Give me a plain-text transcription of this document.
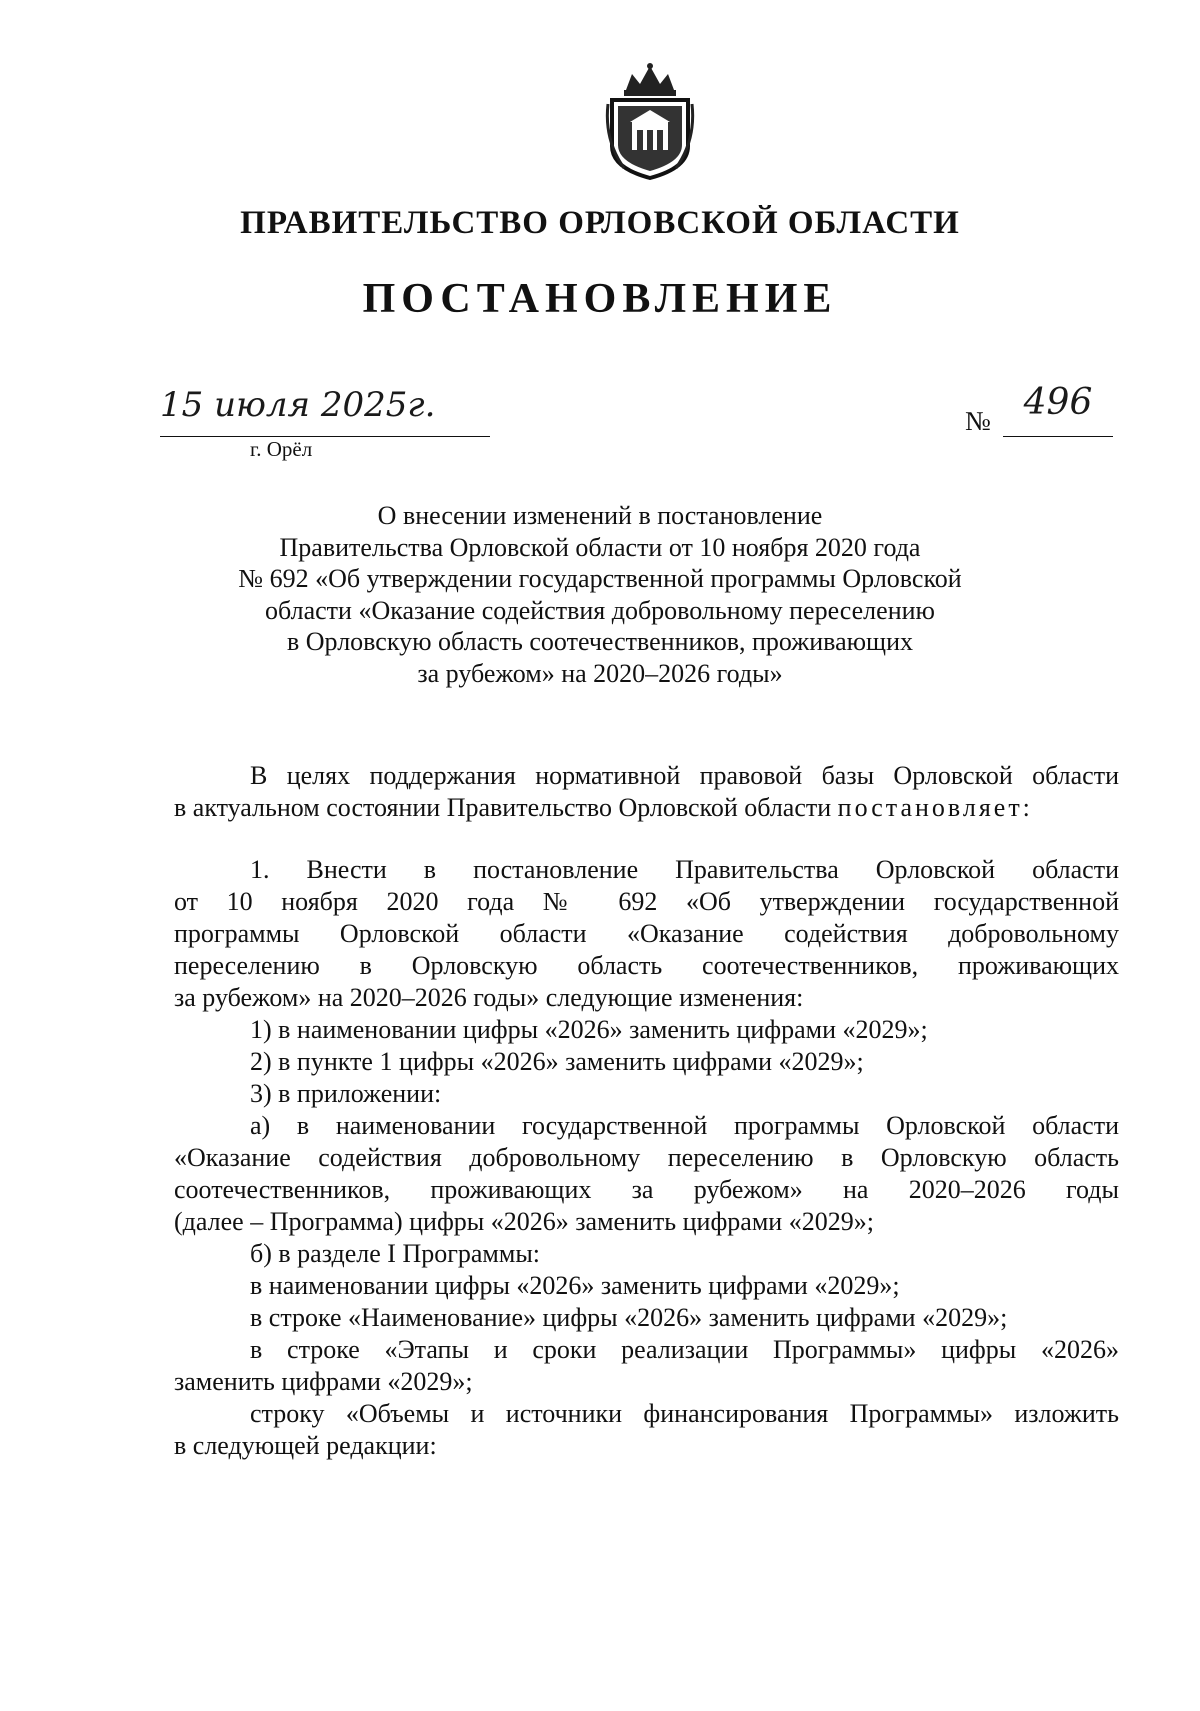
ПРАВИТЕЛЬСТВО ОРЛОВСКОЙ ОБЛАСТИ
ПОСТАНОВЛЕНИЕ
15 июля 2025г.
г. Орёл
№ 496
О внесении изменений в постановление
Правительства Орловской области от 10 ноября 2020 года
№ 692 «Об утверждении государственной программы Орловской
области «Оказание содействия добровольному переселению
в Орловскую область соотечественников, проживающих
за рубежом» на 2020–2026 годы»
В целях поддержания нормативной правовой базы Орловской области
в актуальном состоянии Правительство Орловской области постановляет:
1. Внести в постановление Правительства Орловской области
от 10 ноября 2020 года № 692 «Об утверждении государственной
программы Орловской области «Оказание содействия добровольному
переселению в Орловскую область соотечественников, проживающих
за рубежом» на 2020–2026 годы» следующие изменения:
1) в наименовании цифры «2026» заменить цифрами «2029»;
2) в пункте 1 цифры «2026» заменить цифрами «2029»;
3) в приложении:
а) в наименовании государственной программы Орловской области
«Оказание содействия добровольному переселению в Орловскую область
соотечественников, проживающих за рубежом» на 2020–2026 годы
(далее – Программа) цифры «2026» заменить цифрами «2029»;
б) в разделе I Программы:
в наименовании цифры «2026» заменить цифрами «2029»;
в строке «Наименование» цифры «2026» заменить цифрами «2029»;
в строке «Этапы и сроки реализации Программы» цифры «2026»
заменить цифрами «2029»;
строку «Объемы и источники финансирования Программы» изложить
в следующей редакции:
